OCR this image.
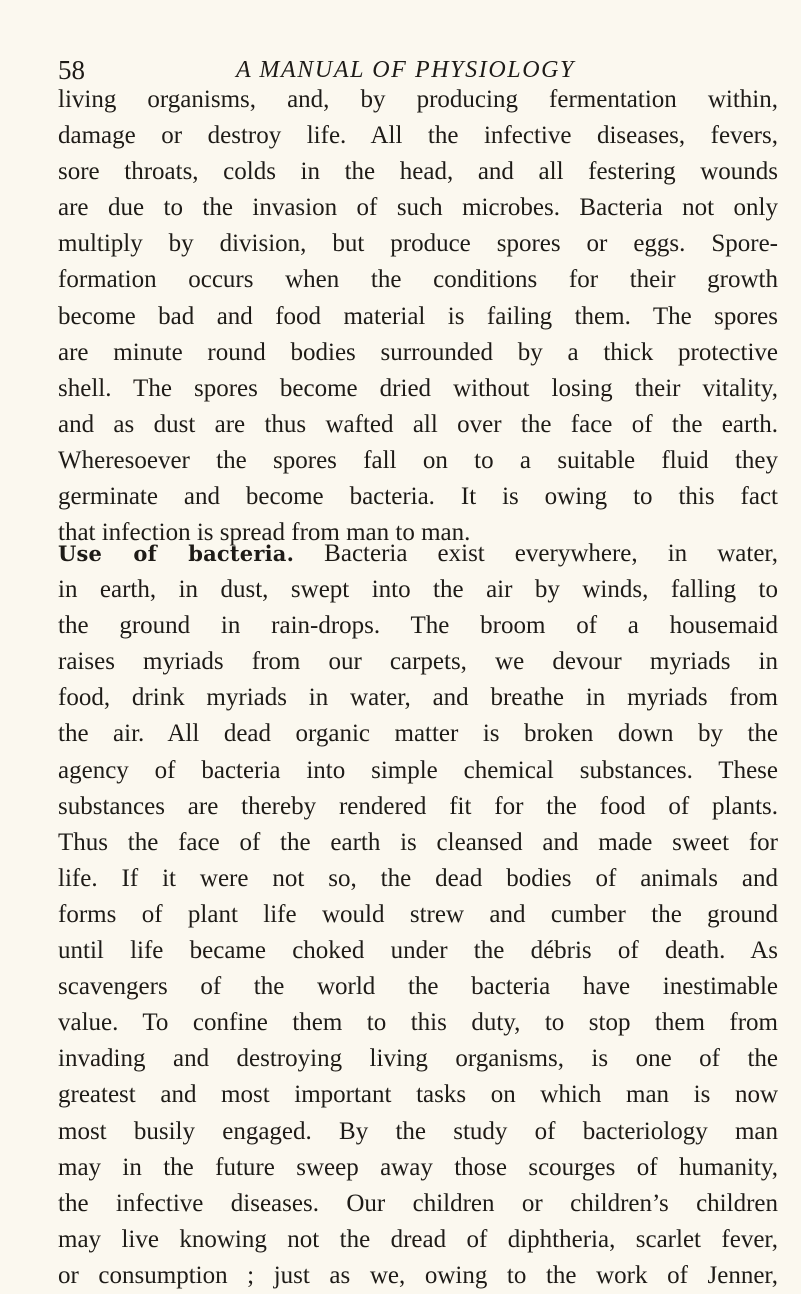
58	A MANUAL OF PHYSIOLOGY
living organisms, and, by producing fermentation within,
damage or destroy life. All the infective diseases, fevers,
sore throats, colds in the head, and all festering wounds
are due to the invasion of such microbes. Bacteria not only
multiply by division, but produce spores or eggs. Spore-
formation occurs when the conditions for their growth
become bad and food material is failing them. The spores
are minute round bodies surrounded by a thick protective
shell. The spores become dried without losing their vitality,
and as dust are thus wafted all over the face of the earth.
Wheresoever the spores fall on to a suitable fluid they
germinate and become bacteria. It is owing to this fact
that infection is spread from man to man.
Use of bacteria. Bacteria exist everywhere, in water,
in earth, in dust, swept into the air by winds, falling to
the ground in rain-drops. The broom of a housemaid
raises myriads from our carpets, we devour myriads in
food, drink myriads in water, and breathe in myriads from
the air. All dead organic matter is broken down by the
agency of bacteria into simple chemical substances. These
substances are thereby rendered fit for the food of plants.
Thus the face of the earth is cleansed and made sweet for
life. If it were not so, the dead bodies of animals and
forms of plant life would strew and cumber the ground
until life became choked under the débris of death. As
scavengers of the world the bacteria have inestimable
value. To confine them to this duty, to stop them from
invading and destroying living organisms, is one of the
greatest and most important tasks on which man is now
most busily engaged. By the study of bacteriology man
may in the future sweep away those scourges of humanity,
the infective diseases. Our children or children’s children
may live knowing not the dread of diphtheria, scarlet fever,
or consumption ; just as we, owing to the work of Jenner,
